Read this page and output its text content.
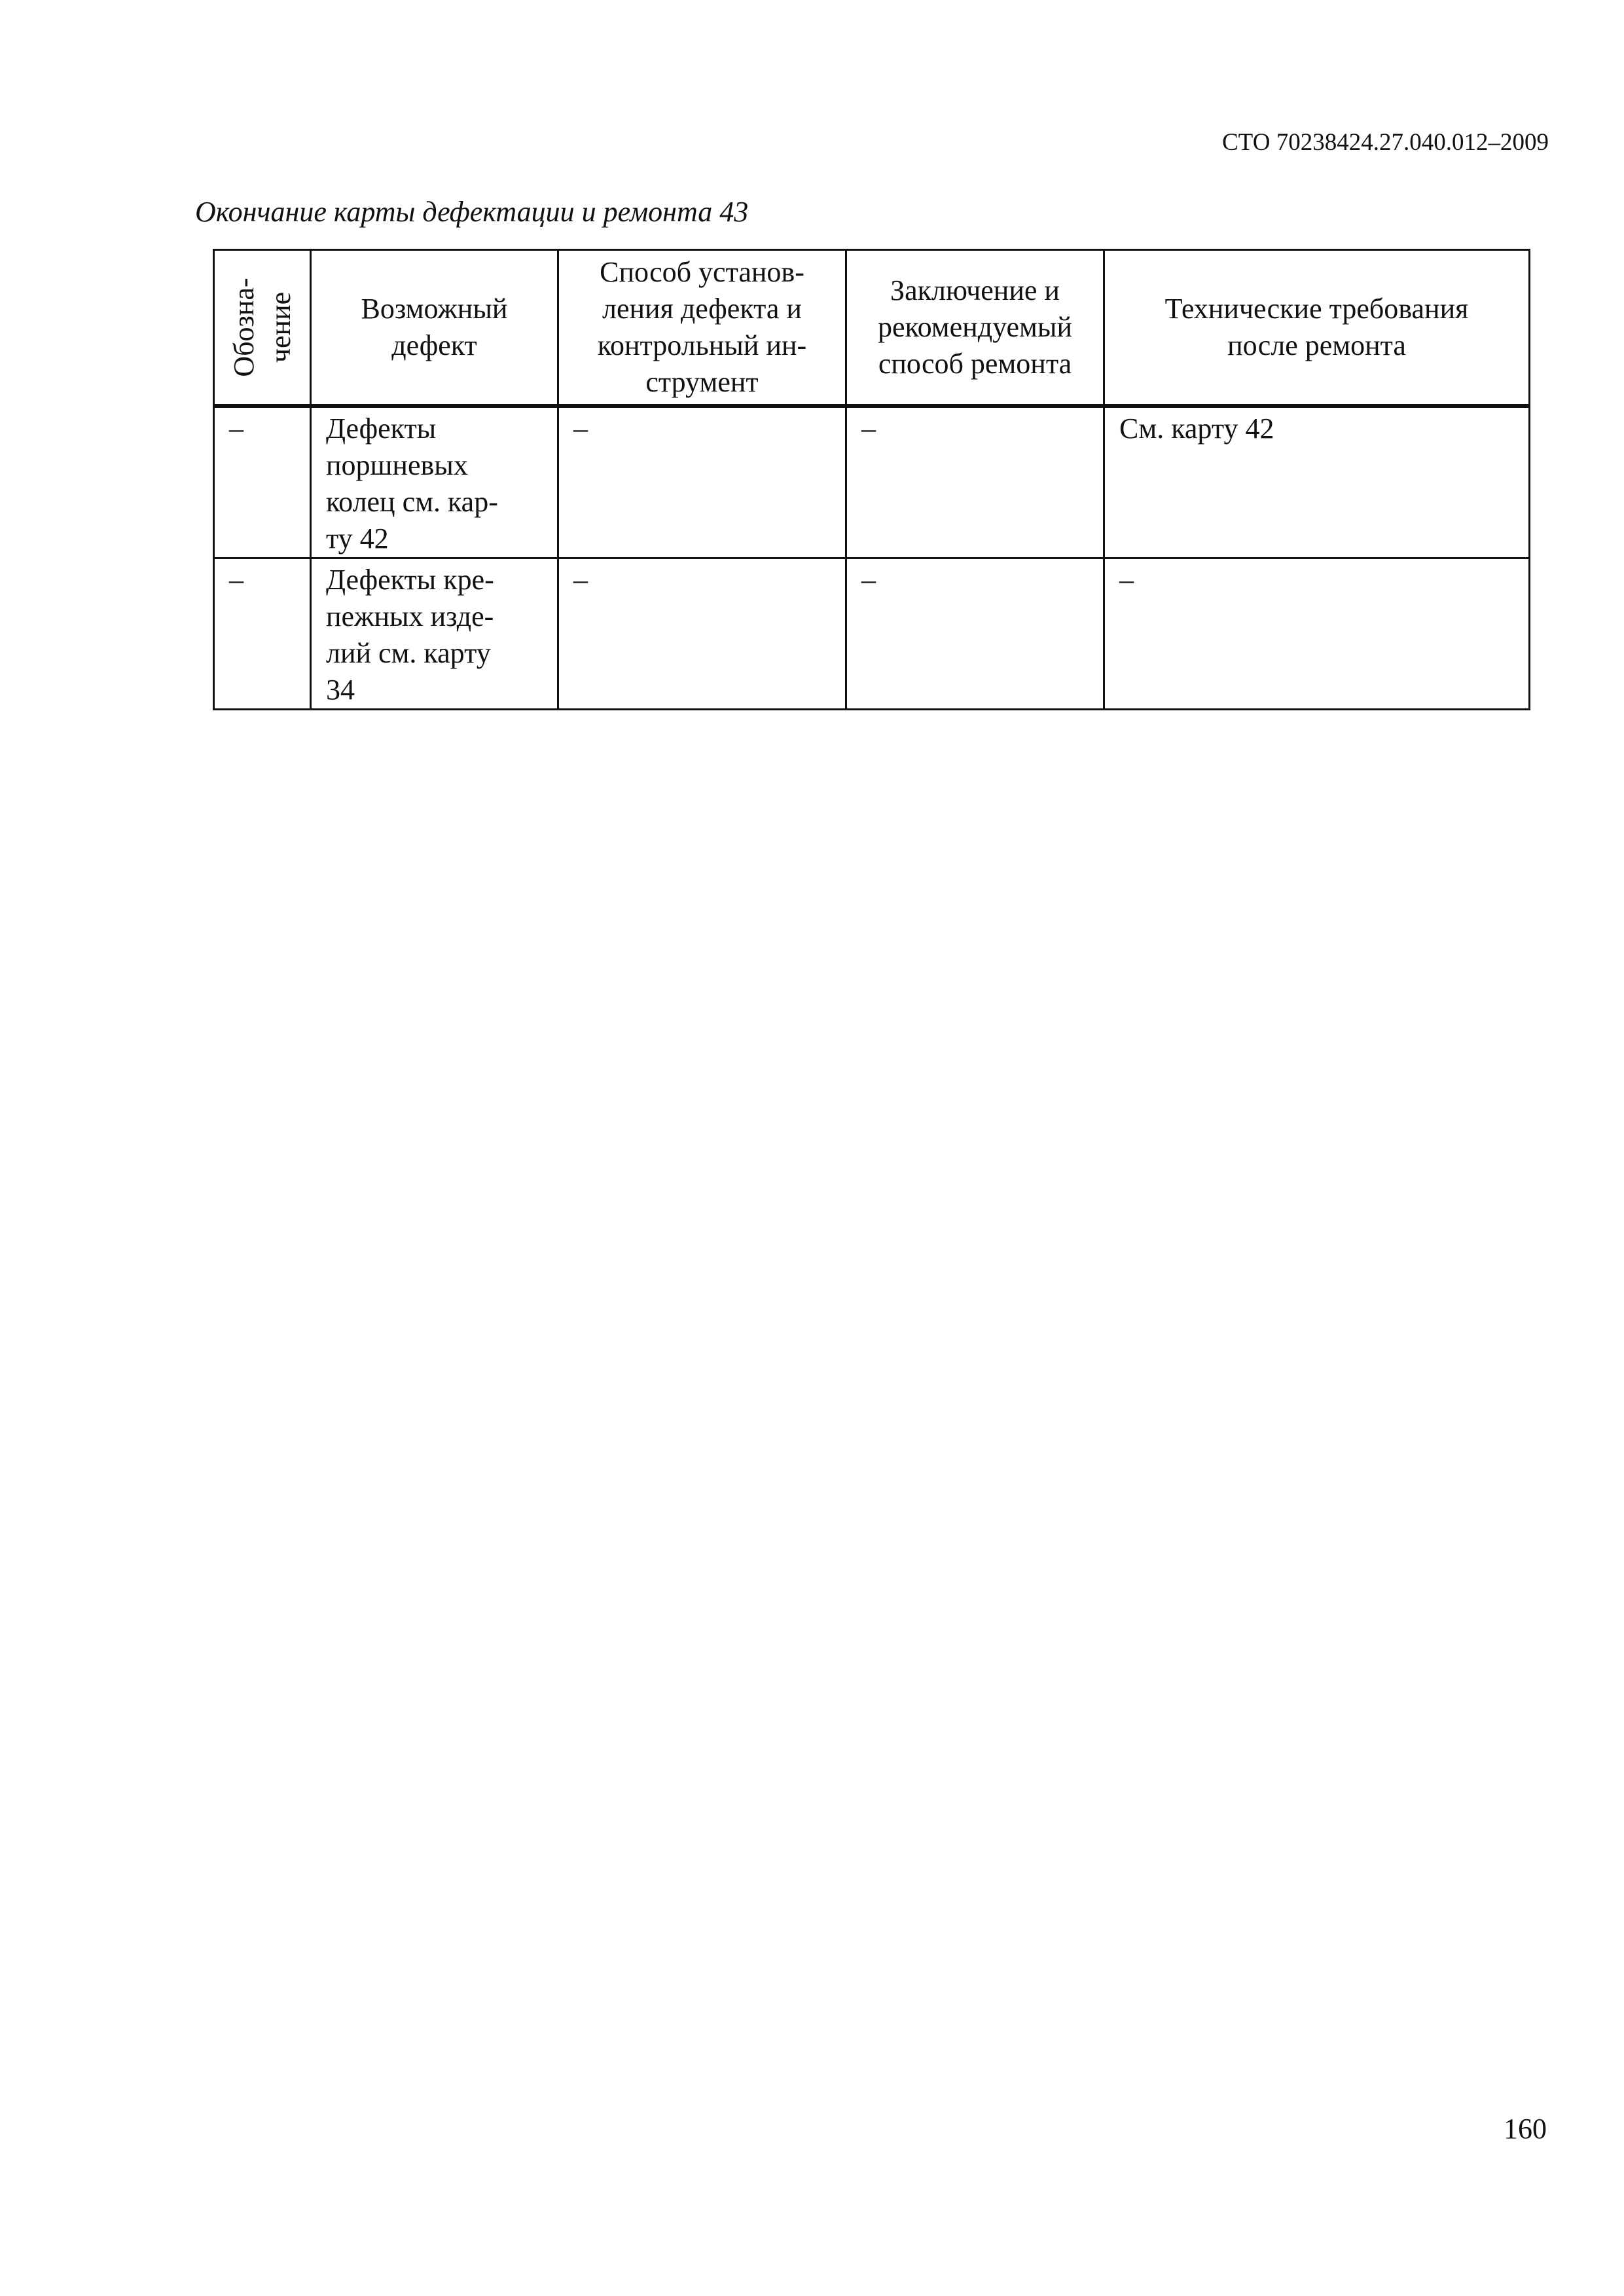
СТО 70238424.27.040.012–2009
Окончание карты дефектации и ремонта 43
Обозна- чение	Возможный
дефект	Способ установ-
ления дефекта и
контрольный ин-
струмент	Заключение и
рекомендуемый
способ ремонта	Технические требования
после ремонта

–	Дефекты
поршневых
колец см. кар-
ту 42	–	–	См. карту 42
–	Дефекты кре-
пежных изде-
лий см. карту
34	–	–	–
160
